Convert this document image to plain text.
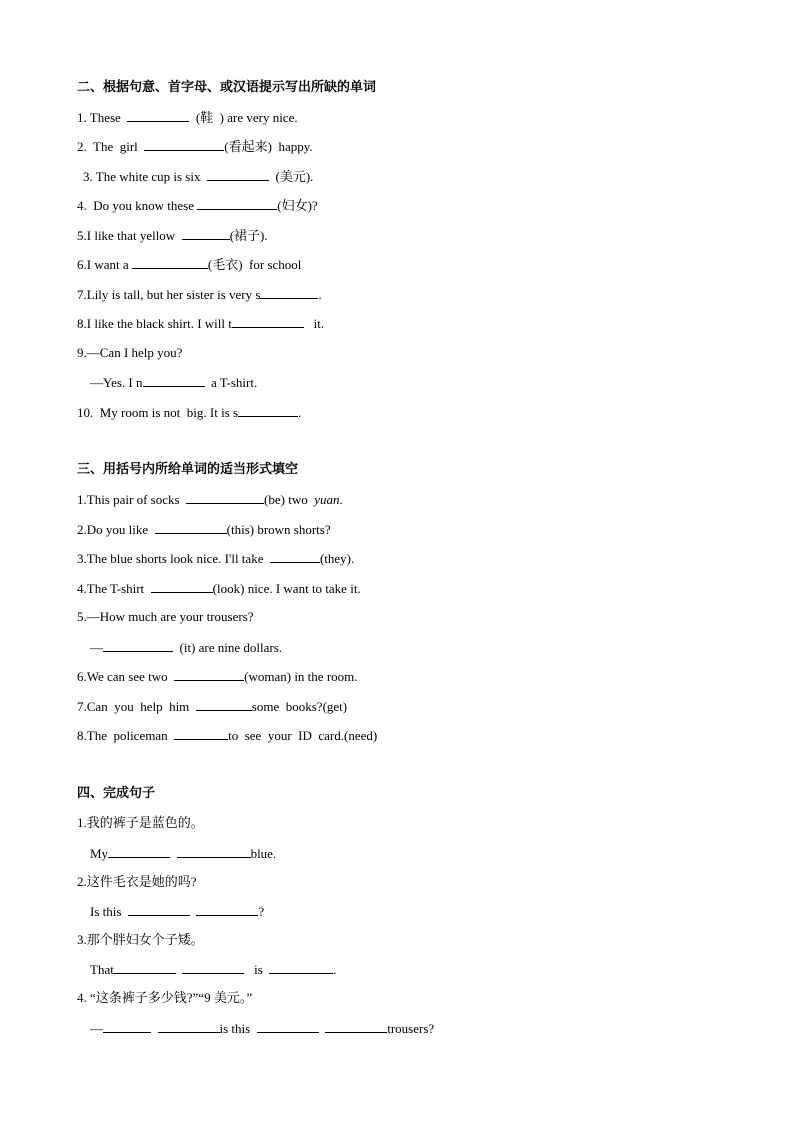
二、根据句意、首字母、或汉语提示写出所缺的单词
1. These	(鞋  ) are very nice.
2.  The  girl	(看起来)  happy.
3. The white cup is six	(美元).
4.  Do you know these	(妇女)?
5.I like that yellow	(裙子).
6.I want a	(毛衣)  for school
7.Lily is tall, but her sister is very s	.
8.I like the black shirt. I will t	it.
9.—Can I help you?
—Yes. I n	a T-shirt.
10.  My room is not  big. It is s	.
三、用括号内所给单词的适当形式填空
1.This pair of socks	(be) two yuan.
2.Do you like	(this) brown shorts?
3.The blue shorts look nice. I'll take	(they).
4.The T-shirt	(look) nice. I want to take it.
5.—How much are your trousers?
—	(it) are nine dollars.
6.We can see two	(woman) in the room.
7.Can  you  help  him	some  books?(get)
8.The  policeman	to  see  your  ID  card.(need)
四、完成句子
1.我的裤子是蓝色的。
My	blue.
2.这件毛衣是她的吗?
Is this	?
3.那个胖妇女个子矮。
That	is	.
4. “这条裤子多少钱?”“9 美元。”
—	is this	trousers?
